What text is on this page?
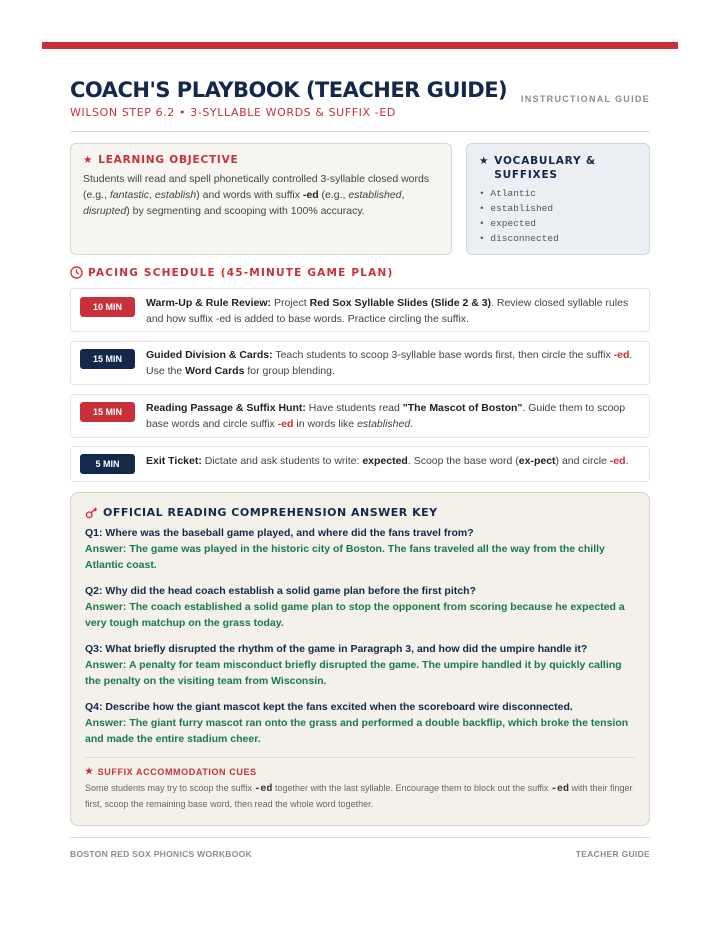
COACH'S PLAYBOOK (TEACHER GUIDE)
WILSON STEP 6.2 • 3-SYLLABLE WORDS & SUFFIX -ED
INSTRUCTIONAL GUIDE
★ LEARNING OBJECTIVE

Students will read and spell phonetically controlled 3-syllable closed words (e.g., fantastic, establish) and words with suffix -ed (e.g., established, disrupted) by segmenting and scooping with 100% accuracy.

★ VOCABULARY & SUFFIXES
• Atlantic
• established
• expected
• disconnected
PACING SCHEDULE (45-MINUTE GAME PLAN)
10 MIN	Warm-Up & Rule Review: Project Red Sox Syllable Slides (Slide 2 & 3). Review closed syllable rules and how suffix -ed is added to base words. Practice circling the suffix.
15 MIN	Guided Division & Cards: Teach students to scoop 3-syllable base words first, then circle the suffix -ed. Use the Word Cards for group blending.
15 MIN	Reading Passage & Suffix Hunt: Have students read "The Mascot of Boston". Guide them to scoop base words and circle suffix -ed in words like established.
5 MIN	Exit Ticket: Dictate and ask students to write: expected. Scoop the base word (ex-pect) and circle -ed.
OFFICIAL READING COMPREHENSION ANSWER KEY
Q1: Where was the baseball game played, and where did the fans travel from?
Answer: The game was played in the historic city of Boston. The fans traveled all the way from the chilly Atlantic coast.
Q2: Why did the head coach establish a solid game plan before the first pitch?
Answer: The coach established a solid game plan to stop the opponent from scoring because he expected a very tough matchup on the grass today.
Q3: What briefly disrupted the rhythm of the game in Paragraph 3, and how did the umpire handle it?
Answer: A penalty for team misconduct briefly disrupted the game. The umpire handled it by quickly calling the penalty on the visiting team from Wisconsin.
Q4: Describe how the giant mascot kept the fans excited when the scoreboard wire disconnected.
Answer: The giant furry mascot ran onto the grass and performed a double backflip, which broke the tension and made the entire stadium cheer.
★ SUFFIX ACCOMMODATION CUES
Some students may try to scoop the suffix -ed together with the last syllable. Encourage them to block out the suffix -ed with their finger first, scoop the remaining base word, then read the whole word together.
BOSTON RED SOX PHONICS WORKBOOK	TEACHER GUIDE
